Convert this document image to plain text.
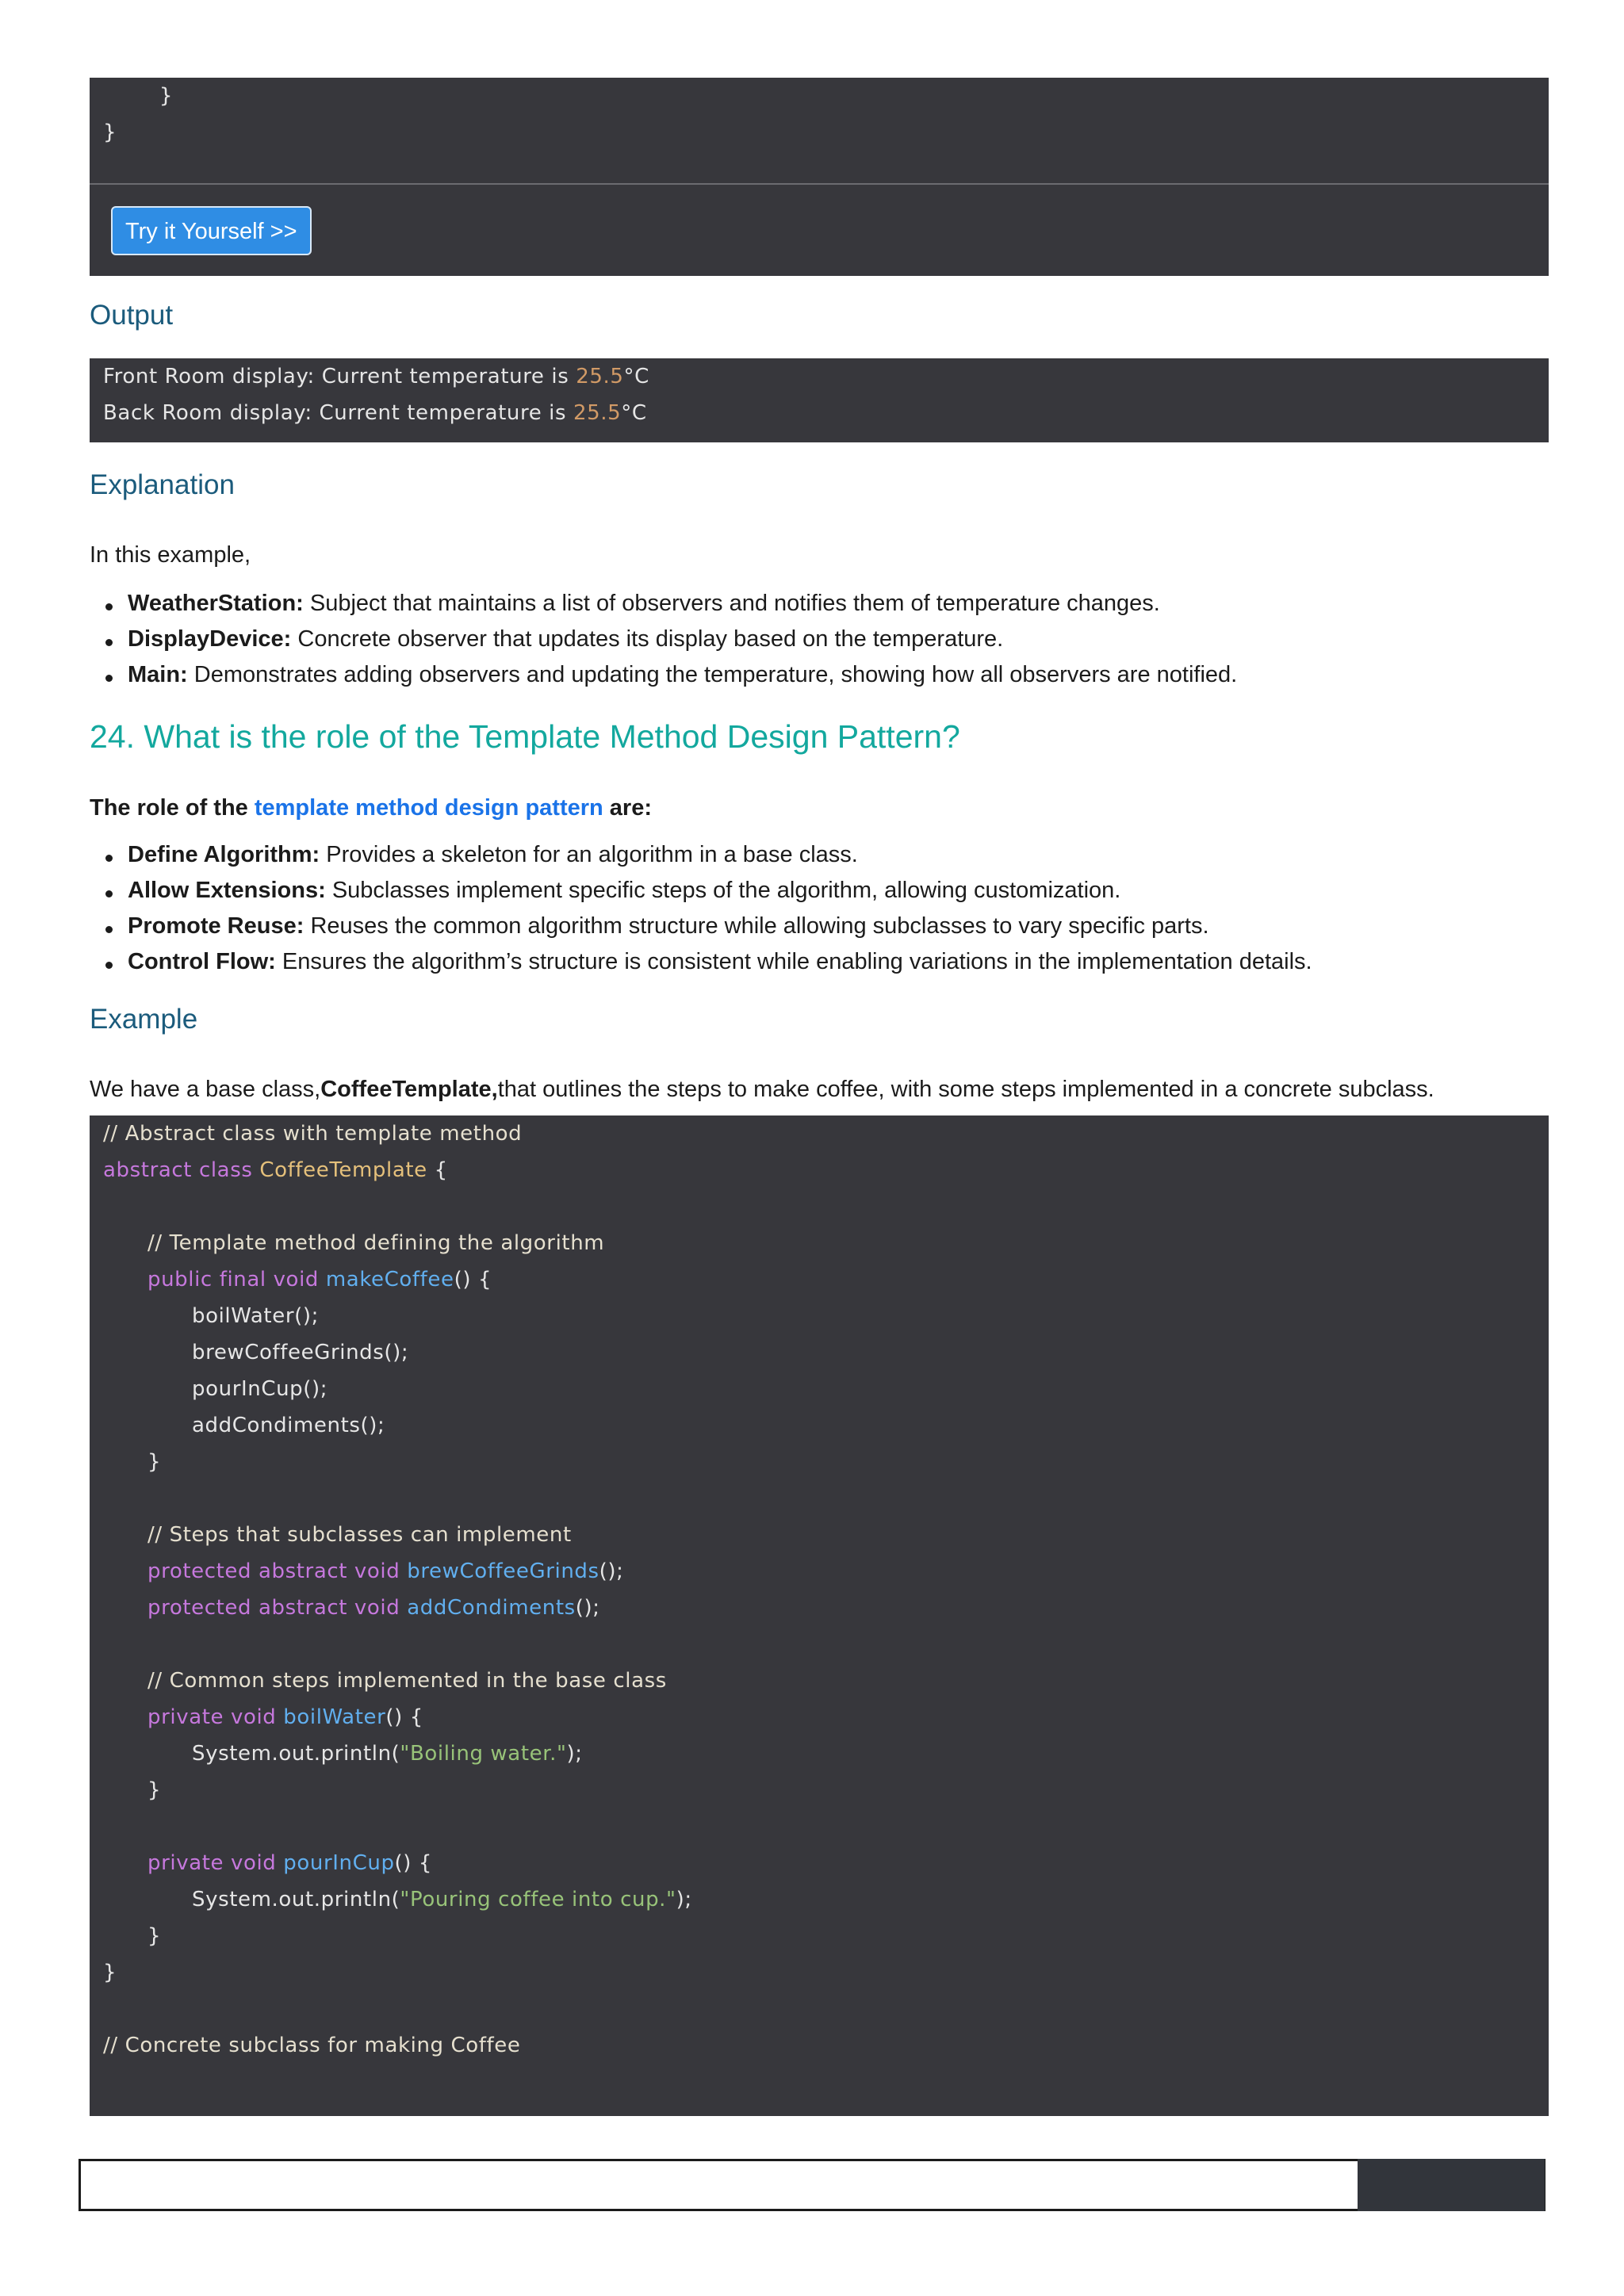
}
}
Try it Yourself >>
Output
Front Room display: Current temperature is 25.5°C
Back Room display: Current temperature is 25.5°C
Explanation

In this example,

WeatherStation: Subject that maintains a list of observers and notifies them of temperature changes.
DisplayDevice: Concrete observer that updates its display based on the temperature.
Main: Demonstrates adding observers and updating the temperature, showing how all observers are notified.
24. What is the role of the Template Method Design Pattern?

The role of the template method design pattern are:

Define Algorithm: Provides a skeleton for an algorithm in a base class.
Allow Extensions: Subclasses implement specific steps of the algorithm, allowing customization.
Promote Reuse: Reuses the common algorithm structure while allowing subclasses to vary specific parts.
Control Flow: Ensures the algorithm’s structure is consistent while enabling variations in the implementation details.
Example

We have a base class,CoffeeTemplate,that outlines the steps to make coffee, with some steps implemented in a concrete subclass.

// Abstract class with template method
abstract class CoffeeTemplate {
// Template method defining the algorithm
public final void makeCoffee() {
boilWater();
brewCoffeeGrinds();
pourInCup();
addCondiments();
}
// Steps that subclasses can implement
protected abstract void brewCoffeeGrinds();
protected abstract void addCondiments();
// Common steps implemented in the base class
private void boilWater() {
System.out.println("Boiling water.");
}
private void pourInCup() {
System.out.println("Pouring coffee into cup.");
}
}
// Concrete subclass for making Coffee
